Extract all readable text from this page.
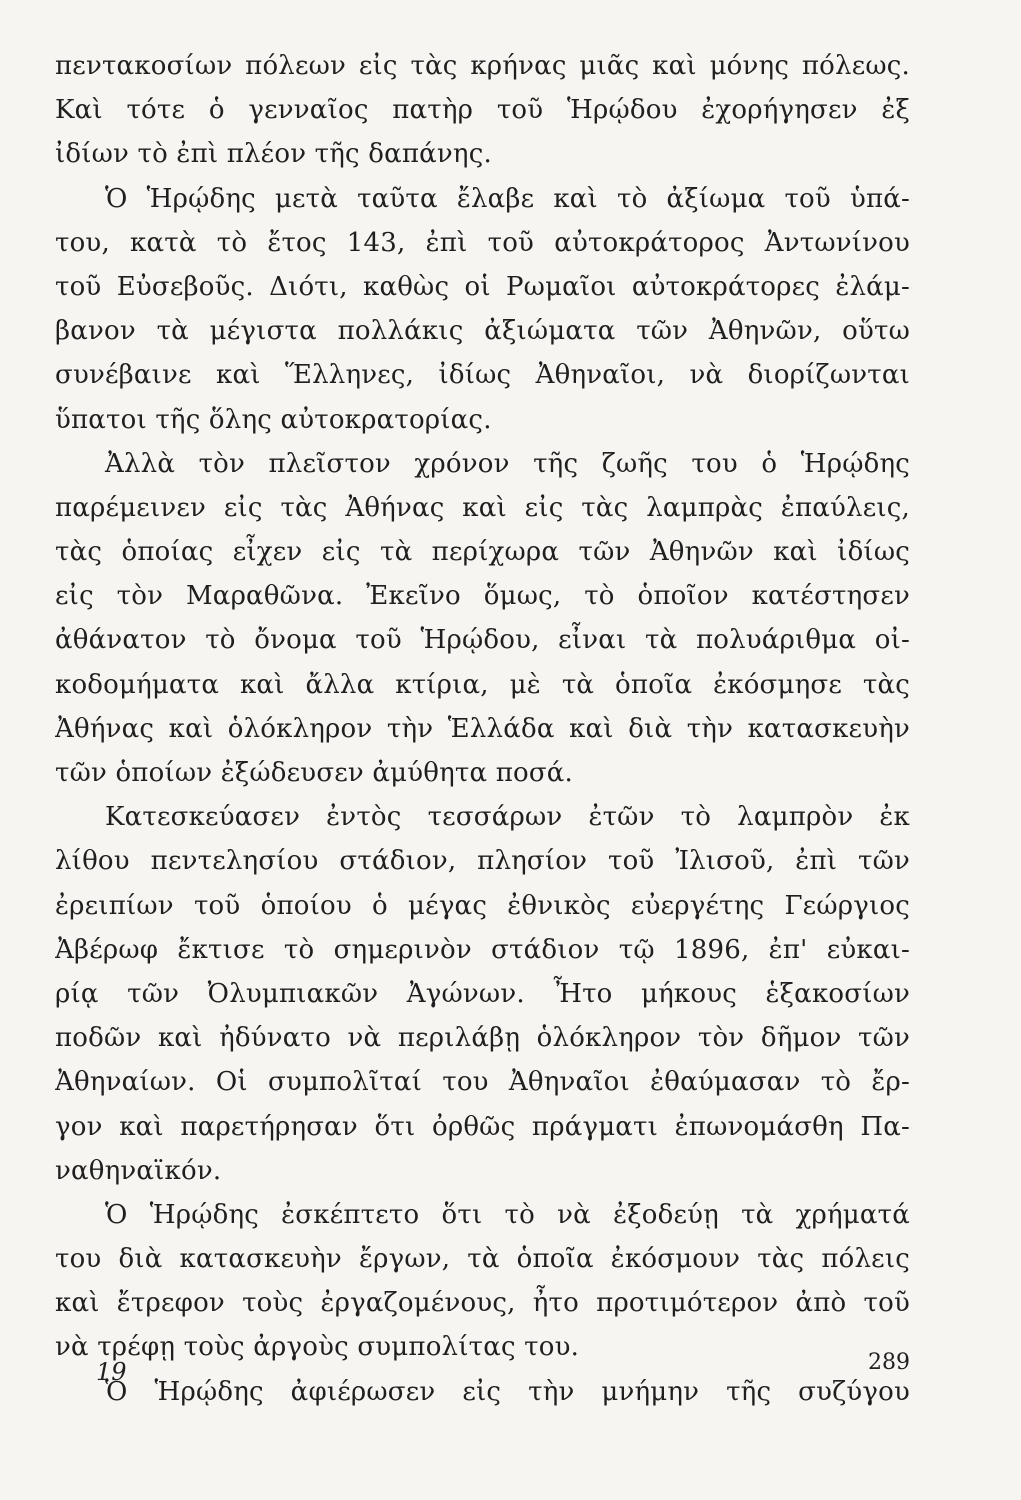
πεντακοσίων πόλεων εἰς τὰς κρήνας μιᾶς καὶ μόνης πόλεως.
Καὶ τότε ὁ γενναῖος πατὴρ τοῦ Ἡρῴδου ἐχορήγησεν ἐξ
ἰδίων τὸ ἐπὶ πλέον τῆς δαπάνης.
Ὁ Ἡρῴδης μετὰ ταῦτα ἔλαβε καὶ τὸ ἀξίωμα τοῦ ὑπά-
του, κατὰ τὸ ἔτος 143, ἐπὶ τοῦ αὐτοκράτορος Ἀντωνίνου
τοῦ Εὐσεβοῦς. Διότι, καθὼς οἱ Ρωμαῖοι αὐτοκράτορες ἐλάμ-
βανον τὰ μέγιστα πολλάκις ἀξιώματα τῶν Ἀθηνῶν, οὕτω
συνέβαινε καὶ Ἕλληνες, ἰδίως Ἀθηναῖοι, νὰ διορίζωνται
ὕπατοι τῆς ὅλης αὐτοκρατορίας.
Ἀλλὰ τὸν πλεῖστον χρόνον τῆς ζωῆς του ὁ Ἡρῴδης
παρέμεινεν εἰς τὰς Ἀθήνας καὶ εἰς τὰς λαμπρὰς ἐπαύλεις,
τὰς ὁποίας εἶχεν εἰς τὰ περίχωρα τῶν Ἀθηνῶν καὶ ἰδίως
εἰς τὸν Μαραθῶνα. Ἐκεῖνο ὅμως, τὸ ὁποῖον κατέστησεν
ἀθάνατον τὸ ὄνομα τοῦ Ἡρῴδου, εἶναι τὰ πολυάριθμα οἰ-
κοδομήματα καὶ ἄλλα κτίρια, μὲ τὰ ὁποῖα ἐκόσμησε τὰς
Ἀθήνας καὶ ὁλόκληρον τὴν Ἑλλάδα καὶ διὰ τὴν κατασκευὴν
τῶν ὁποίων ἐξώδευσεν ἀμύθητα ποσά.
Κατεσκεύασεν ἐντὸς τεσσάρων ἐτῶν τὸ λαμπρὸν ἐκ
λίθου πεντελησίου στάδιον, πλησίον τοῦ Ἰλισοῦ, ἐπὶ τῶν
ἐρειπίων τοῦ ὁποίου ὁ μέγας ἐθνικὸς εὐεργέτης Γεώργιος
Ἀβέρωφ ἔκτισε τὸ σημερινὸν στάδιον τῷ 1896, ἐπ' εὐκαι-
ρίᾳ τῶν Ὀλυμπιακῶν Ἀγώνων. Ἦτο μήκους ἑξακοσίων
ποδῶν καὶ ἠδύνατο νὰ περιλάβῃ ὁλόκληρον τὸν δῆμον τῶν
Ἀθηναίων. Οἱ συμπολῖταί του Ἀθηναῖοι ἐθαύμασαν τὸ ἔρ-
γον καὶ παρετήρησαν ὅτι ὀρθῶς πράγματι ἐπωνομάσθη Πα-
ναθηναϊκόν.
Ὁ Ἡρῴδης ἐσκέπτετο ὅτι τὸ νὰ ἐξοδεύῃ τὰ χρήματά
του διὰ κατασκευὴν ἔργων, τὰ ὁποῖα ἐκόσμουν τὰς πόλεις
καὶ ἔτρεφον τοὺς ἐργαζομένους, ἦτο προτιμότερον ἀπὸ τοῦ
νὰ τρέφῃ τοὺς ἀργοὺς συμπολίτας του.
Ὁ Ἡρῴδης ἀφιέρωσεν εἰς τὴν μνήμην τῆς συζύγου
19	289
